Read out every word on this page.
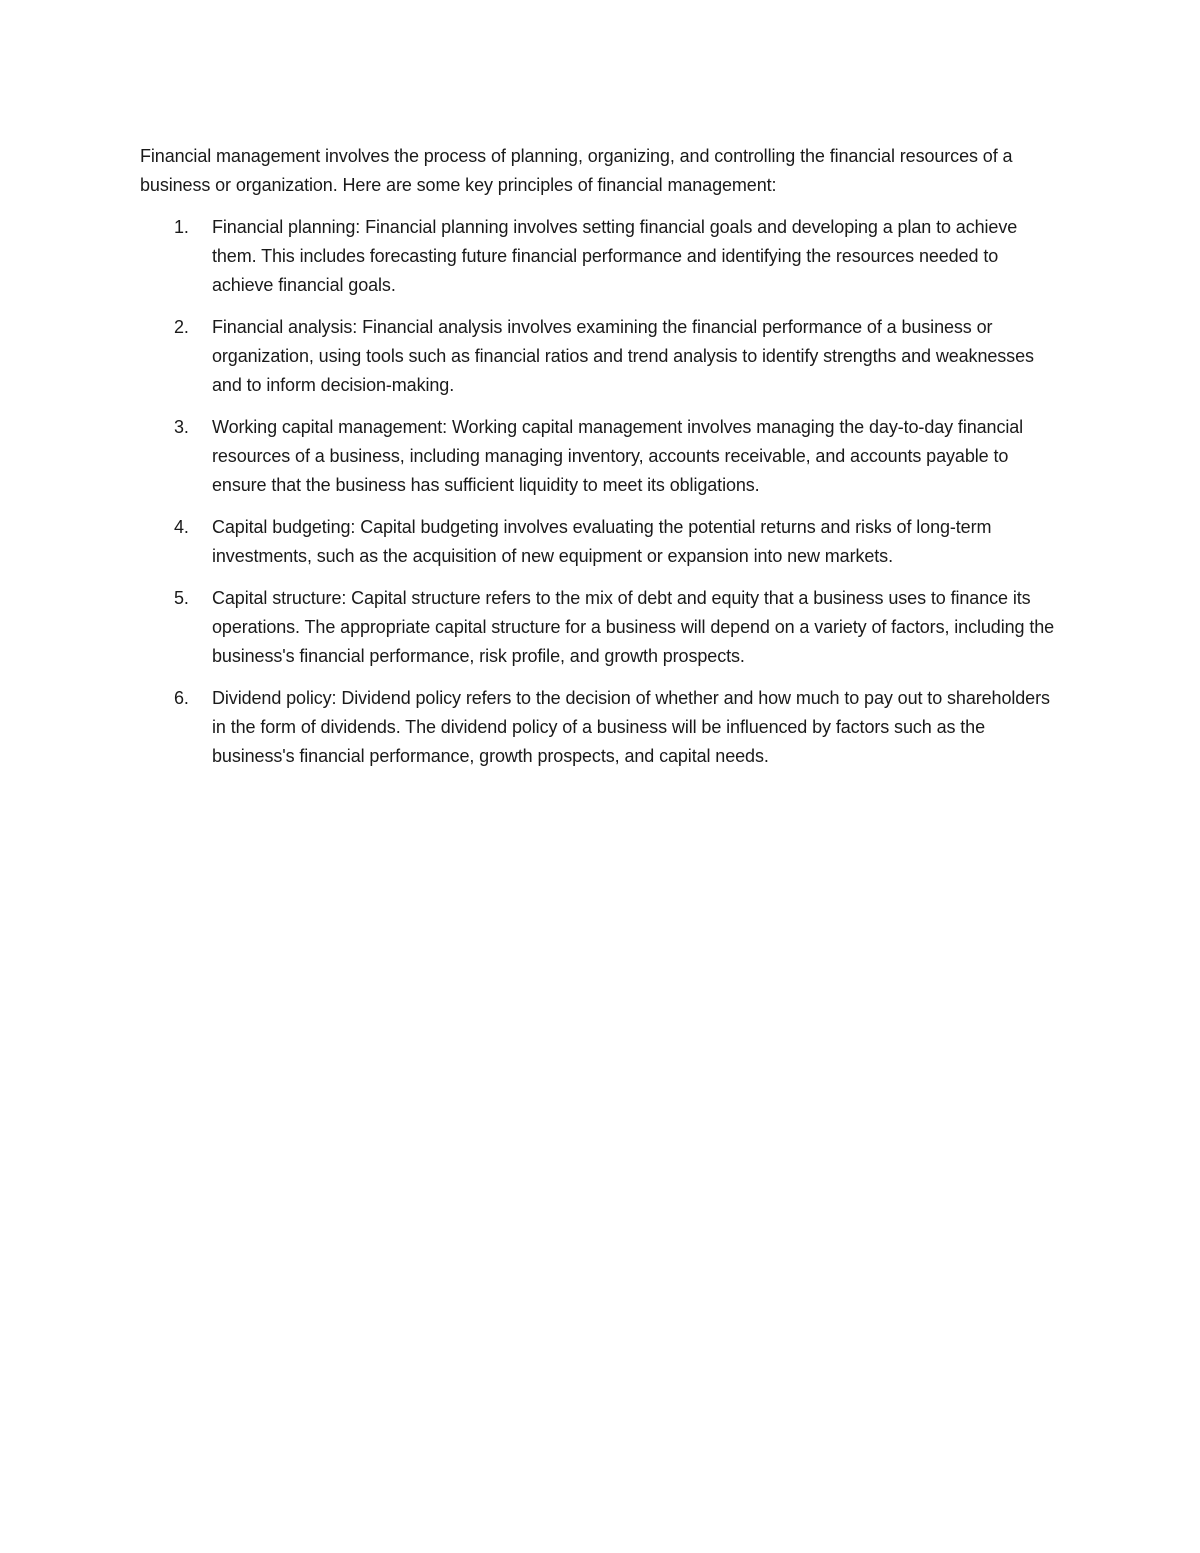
Financial management involves the process of planning, organizing, and controlling the financial resources of a business or organization. Here are some key principles of financial management:

1. Financial planning: Financial planning involves setting financial goals and developing a plan to achieve them. This includes forecasting future financial performance and identifying the resources needed to achieve financial goals.
2. Financial analysis: Financial analysis involves examining the financial performance of a business or organization, using tools such as financial ratios and trend analysis to identify strengths and weaknesses and to inform decision-making.
3. Working capital management: Working capital management involves managing the day-to-day financial resources of a business, including managing inventory, accounts receivable, and accounts payable to ensure that the business has sufficient liquidity to meet its obligations.
4. Capital budgeting: Capital budgeting involves evaluating the potential returns and risks of long-term investments, such as the acquisition of new equipment or expansion into new markets.
5. Capital structure: Capital structure refers to the mix of debt and equity that a business uses to finance its operations. The appropriate capital structure for a business will depend on a variety of factors, including the business's financial performance, risk profile, and growth prospects.
6. Dividend policy: Dividend policy refers to the decision of whether and how much to pay out to shareholders in the form of dividends. The dividend policy of a business will be influenced by factors such as the business's financial performance, growth prospects, and capital needs.
